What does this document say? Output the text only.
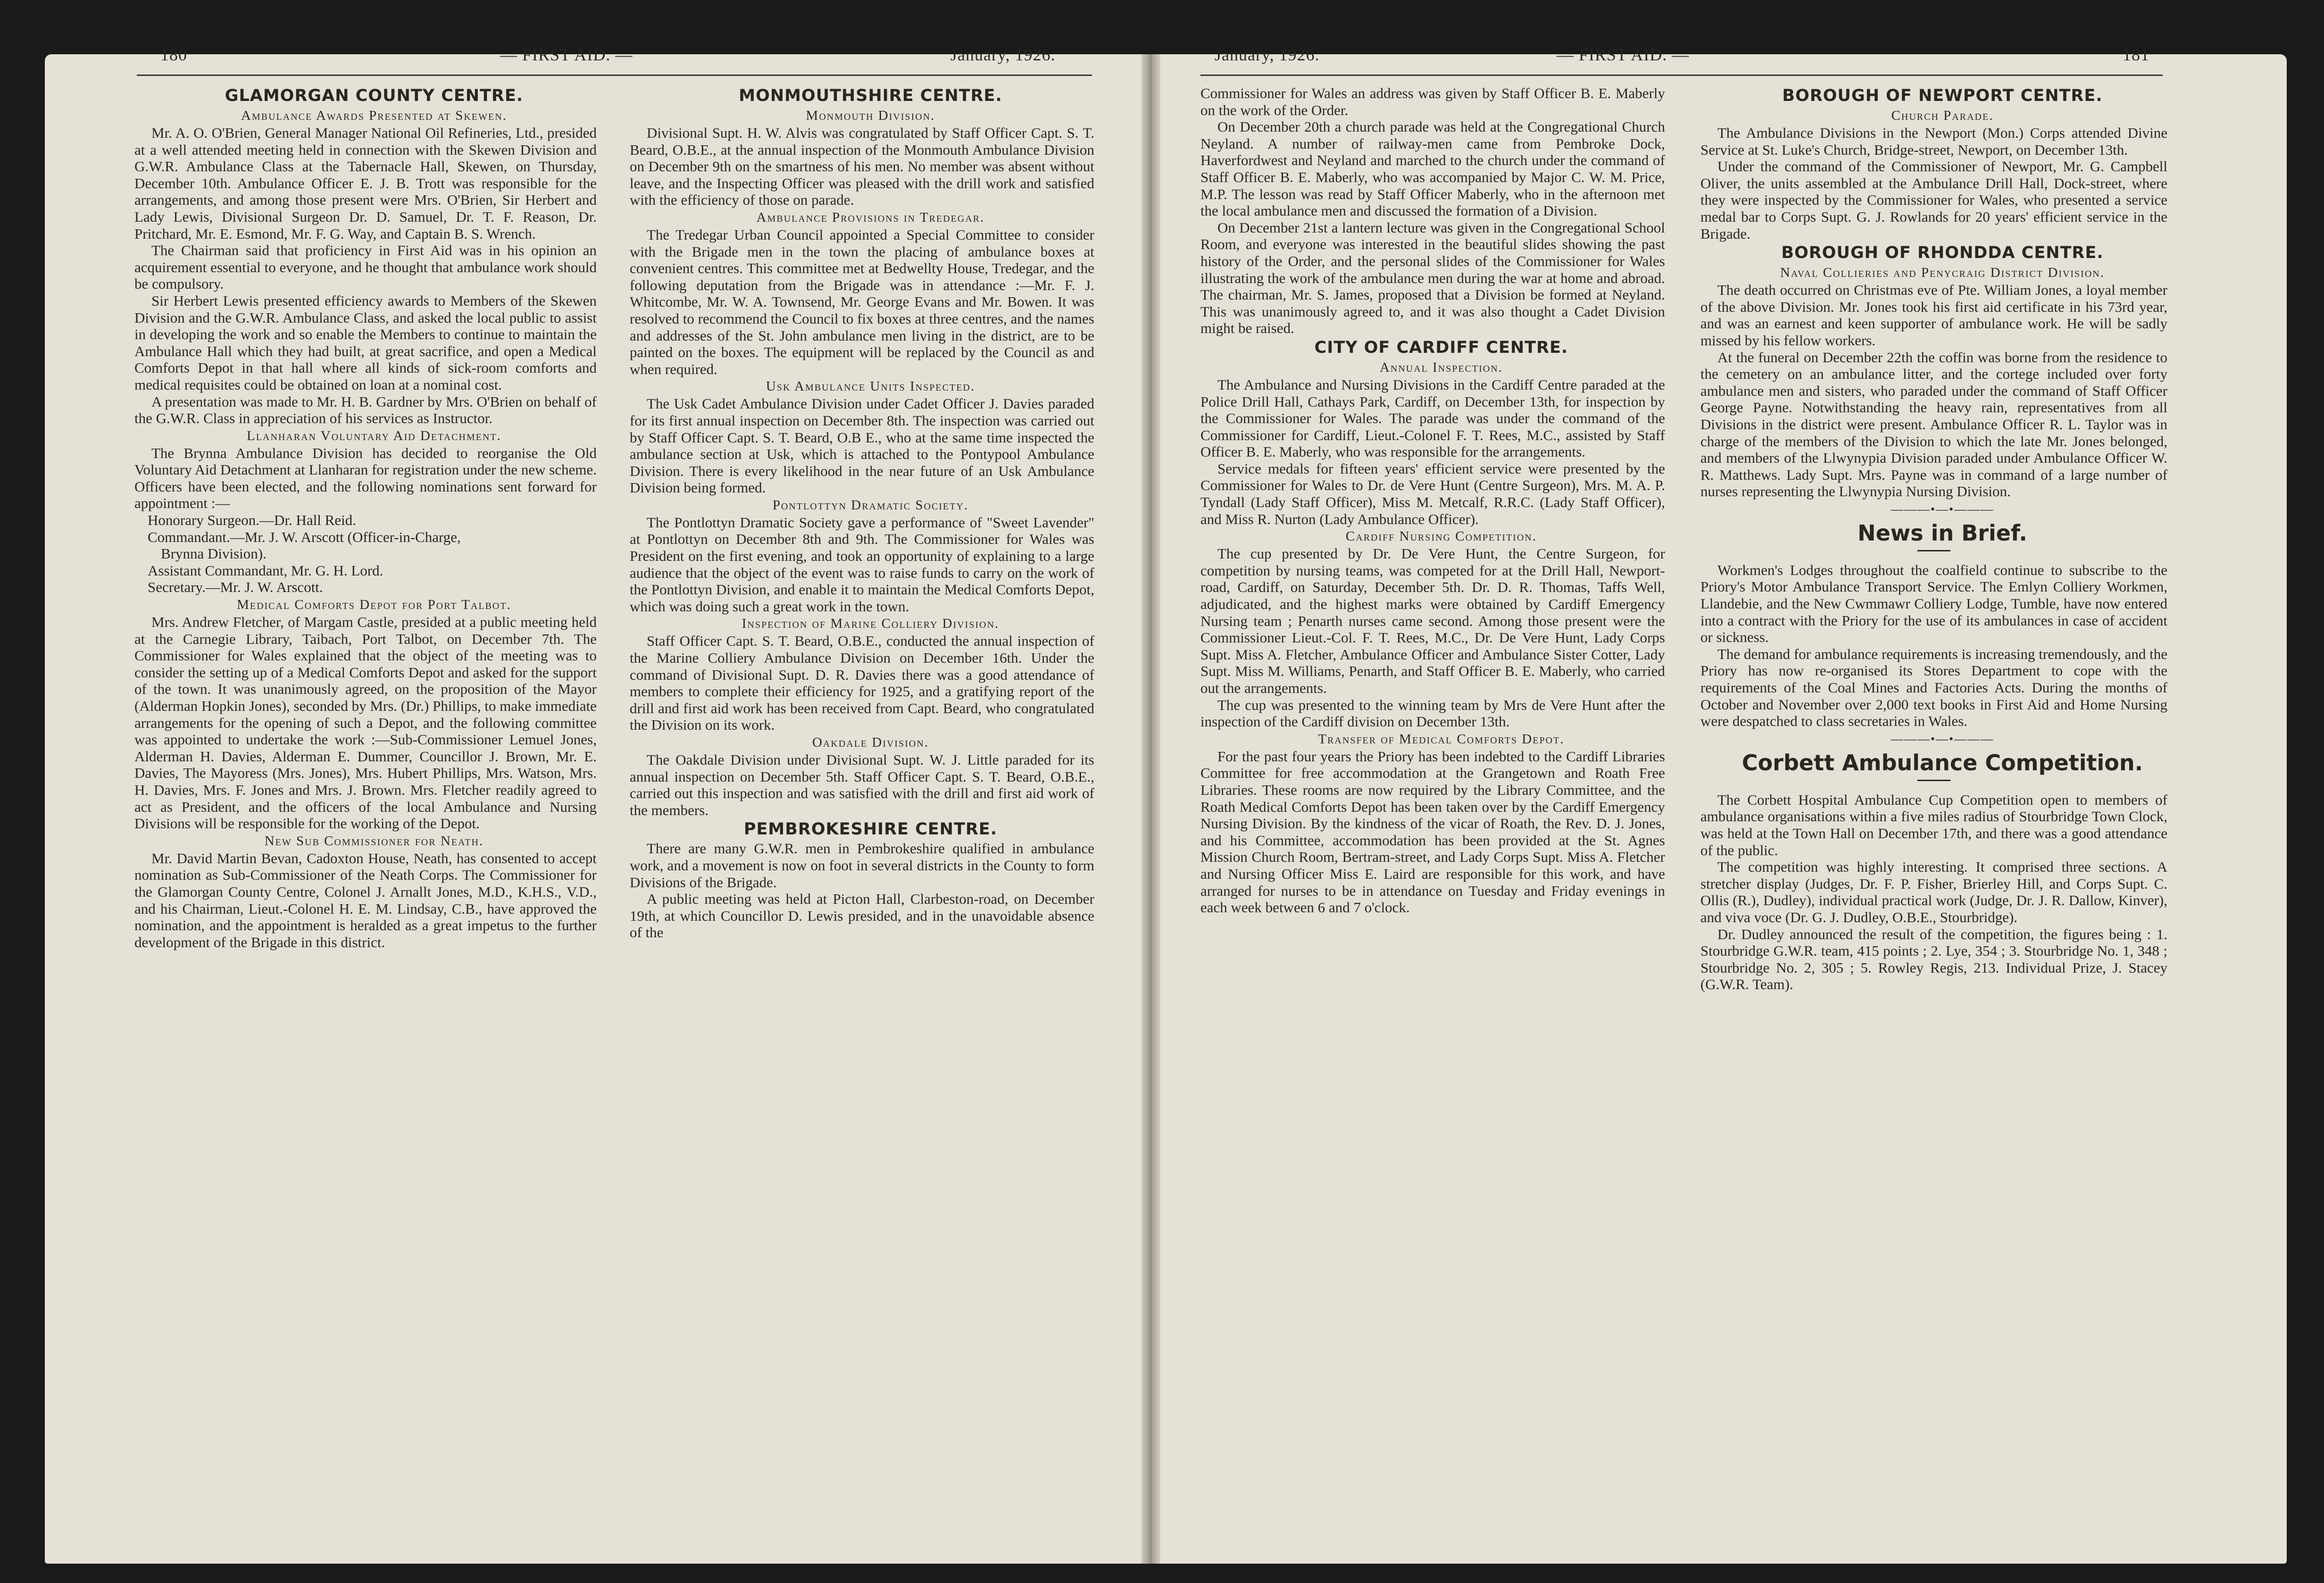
180	— FIRST AID. —	January, 1926.	January, 1926.	— FIRST AID. —	181

GLAMORGAN COUNTY CENTRE.

Ambulance Awards Presented at Skewen.

Mr. A. O. O'Brien, General Manager National Oil Refineries, Ltd., presided at a well attended meeting held in connection with the Skewen Division and G.W.R. Ambulance Class at the Tabernacle Hall, Skewen, on Thursday, December 10th. Ambulance Officer E. J. B. Trott was responsible for the arrangements, and among those present were Mrs. O'Brien, Sir Herbert and Lady Lewis, Divisional Surgeon Dr. D. Samuel, Dr. T. F. Reason, Dr. Pritchard, Mr. E. Esmond, Mr. F. G. Way, and Captain B. S. Wrench.

The Chairman said that proficiency in First Aid was in his opinion an acquirement essential to everyone, and he thought that ambulance work should be compulsory.

Sir Herbert Lewis presented efficiency awards to Members of the Skewen Division and the G.W.R. Ambulance Class, and asked the local public to assist in developing the work and so enable the Members to continue to maintain the Ambulance Hall which they had built, at great sacrifice, and open a Medical Comforts Depot in that hall where all kinds of sick-room comforts and medical requisites could be obtained on loan at a nominal cost.

A presentation was made to Mr. H. B. Gardner by Mrs. O'Brien on behalf of the G.W.R. Class in appreciation of his services as Instructor.

Llanharan Voluntary Aid Detachment.

The Brynna Ambulance Division has decided to reorganise the Old Voluntary Aid Detachment at Llanharan for registration under the new scheme. Officers have been elected, and the following nominations sent forward for appointment :—

Honorary Surgeon.—Dr. Hall Reid.

Commandant.—Mr. J. W. Arscott (Officer-in-Charge,

Brynna Division).

Assistant Commandant, Mr. G. H. Lord.

Secretary.—Mr. J. W. Arscott.

Medical Comforts Depot for Port Talbot.

Mrs. Andrew Fletcher, of Margam Castle, presided at a public meeting held at the Carnegie Library, Taibach, Port Talbot, on December 7th. The Commissioner for Wales explained that the object of the meeting was to consider the setting up of a Medical Comforts Depot and asked for the support of the town. It was unanimously agreed, on the proposition of the Mayor (Alderman Hopkin Jones), seconded by Mrs. (Dr.) Phillips, to make immediate arrangements for the opening of such a Depot, and the following committee was appointed to undertake the work :—Sub-Commissioner Lemuel Jones, Alderman H. Davies, Alderman E. Dummer, Councillor J. Brown, Mr. E. Davies, The Mayoress (Mrs. Jones), Mrs. Hubert Phillips, Mrs. Watson, Mrs. H. Davies, Mrs. F. Jones and Mrs. J. Brown. Mrs. Fletcher readily agreed to act as President, and the officers of the local Ambulance and Nursing Divisions will be responsible for the working of the Depot.

New Sub Commissioner for Neath.

Mr. David Martin Bevan, Cadoxton House, Neath, has consented to accept nomination as Sub-Commissioner of the Neath Corps. The Commissioner for the Glamorgan County Centre, Colonel J. Arnallt Jones, M.D., K.H.S., V.D., and his Chairman, Lieut.-Colonel H. E. M. Lindsay, C.B., have approved the nomination, and the appointment is heralded as a great impetus to the further development of the Brigade in this district.

MONMOUTHSHIRE CENTRE.

Monmouth Division.

Divisional Supt. H. W. Alvis was congratulated by Staff Officer Capt. S. T. Beard, O.B.E., at the annual inspection of the Monmouth Ambulance Division on December 9th on the smartness of his men. No member was absent without leave, and the Inspecting Officer was pleased with the drill work and satisfied with the efficiency of those on parade.

Ambulance Provisions in Tredegar.

The Tredegar Urban Council appointed a Special Committee to consider with the Brigade men in the town the placing of ambulance boxes at convenient centres. This committee met at Bedwellty House, Tredegar, and the following deputation from the Brigade was in attendance :—Mr. F. J. Whitcombe, Mr. W. A. Townsend, Mr. George Evans and Mr. Bowen. It was resolved to recommend the Council to fix boxes at three centres, and the names and addresses of the St. John ambulance men living in the district, are to be painted on the boxes. The equipment will be replaced by the Council as and when required.

Usk Ambulance Units Inspected.

The Usk Cadet Ambulance Division under Cadet Officer J. Davies paraded for its first annual inspection on December 8th. The inspection was carried out by Staff Officer Capt. S. T. Beard, O.B E., who at the same time inspected the ambulance section at Usk, which is attached to the Pontypool Ambulance Division. There is every likelihood in the near future of an Usk Ambulance Division being formed.

Pontlottyn Dramatic Society.

The Pontlottyn Dramatic Society gave a performance of "Sweet Lavender" at Pontlottyn on December 8th and 9th. The Commissioner for Wales was President on the first evening, and took an opportunity of explaining to a large audience that the object of the event was to raise funds to carry on the work of the Pontlottyn Division, and enable it to maintain the Medical Comforts Depot, which was doing such a great work in the town.

Inspection of Marine Colliery Division.

Staff Officer Capt. S. T. Beard, O.B.E., conducted the annual inspection of the Marine Colliery Ambulance Division on December 16th. Under the command of Divisional Supt. D. R. Davies there was a good attendance of members to complete their efficiency for 1925, and a gratifying report of the drill and first aid work has been received from Capt. Beard, who congratulated the Division on its work.

Oakdale Division.

The Oakdale Division under Divisional Supt. W. J. Little paraded for its annual inspection on December 5th. Staff Officer Capt. S. T. Beard, O.B.E., carried out this inspection and was satisfied with the drill and first aid work of the members.

PEMBROKESHIRE CENTRE.

There are many G.W.R. men in Pembrokeshire qualified in ambulance work, and a movement is now on foot in several districts in the County to form Divisions of the Brigade.

A public meeting was held at Picton Hall, Clarbeston-road, on December 19th, at which Councillor D. Lewis presided, and in the unavoidable absence of the

Commissioner for Wales an address was given by Staff Officer B. E. Maberly on the work of the Order.

On December 20th a church parade was held at the Congregational Church Neyland. A number of railway-men came from Pembroke Dock, Haverfordwest and Neyland and marched to the church under the command of Staff Officer B. E. Maberly, who was accompanied by Major C. W. M. Price, M.P. The lesson was read by Staff Officer Maberly, who in the afternoon met the local ambulance men and discussed the formation of a Division.

On December 21st a lantern lecture was given in the Congregational School Room, and everyone was interested in the beautiful slides showing the past history of the Order, and the personal slides of the Commissioner for Wales illustrating the work of the ambulance men during the war at home and abroad. The chairman, Mr. S. James, proposed that a Division be formed at Neyland. This was unanimously agreed to, and it was also thought a Cadet Division might be raised.

CITY OF CARDIFF CENTRE.

Annual Inspection.

The Ambulance and Nursing Divisions in the Cardiff Centre paraded at the Police Drill Hall, Cathays Park, Cardiff, on December 13th, for inspection by the Commissioner for Wales. The parade was under the command of the Commissioner for Cardiff, Lieut.-Colonel F. T. Rees, M.C., assisted by Staff Officer B. E. Maberly, who was responsible for the arrangements.

Service medals for fifteen years' efficient service were presented by the Commissioner for Wales to Dr. de Vere Hunt (Centre Surgeon), Mrs. M. A. P. Tyndall (Lady Staff Officer), Miss M. Metcalf, R.R.C. (Lady Staff Officer), and Miss R. Nurton (Lady Ambulance Officer).

Cardiff Nursing Competition.

The cup presented by Dr. De Vere Hunt, the Centre Surgeon, for competition by nursing teams, was competed for at the Drill Hall, Newport-road, Cardiff, on Saturday, December 5th. Dr. D. R. Thomas, Taffs Well, adjudicated, and the highest marks were obtained by Cardiff Emergency Nursing team ; Penarth nurses came second. Among those present were the Commissioner Lieut.-Col. F. T. Rees, M.C., Dr. De Vere Hunt, Lady Corps Supt. Miss A. Fletcher, Ambulance Officer and Ambulance Sister Cotter, Lady Supt. Miss M. Williams, Penarth, and Staff Officer B. E. Maberly, who carried out the arrangements.

The cup was presented to the winning team by Mrs de Vere Hunt after the inspection of the Cardiff division on December 13th.

Transfer of Medical Comforts Depot.

For the past four years the Priory has been indebted to the Cardiff Libraries Committee for free accommodation at the Grangetown and Roath Free Libraries. These rooms are now required by the Library Committee, and the Roath Medical Comforts Depot has been taken over by the Cardiff Emergency Nursing Division. By the kindness of the vicar of Roath, the Rev. D. J. Jones, and his Committee, accommodation has been provided at the St. Agnes Mission Church Room, Bertram-street, and Lady Corps Supt. Miss A. Fletcher and Nursing Officer Miss E. Laird are responsible for this work, and have arranged for nurses to be in attendance on Tuesday and Friday evenings in each week between 6 and 7 o'clock.

BOROUGH OF NEWPORT CENTRE.

Church Parade.

The Ambulance Divisions in the Newport (Mon.) Corps attended Divine Service at St. Luke's Church, Bridge-street, Newport, on December 13th.

Under the command of the Commissioner of Newport, Mr. G. Campbell Oliver, the units assembled at the Ambulance Drill Hall, Dock-street, where they were inspected by the Commissioner for Wales, who presented a service medal bar to Corps Supt. G. J. Rowlands for 20 years' efficient service in the Brigade.

BOROUGH OF RHONDDA CENTRE.

Naval Collieries and Penycraig District Division.

The death occurred on Christmas eve of Pte. William Jones, a loyal member of the above Division. Mr. Jones took his first aid certificate in his 73rd year, and was an earnest and keen supporter of ambulance work. He will be sadly missed by his fellow workers.

At the funeral on December 22th the coffin was borne from the residence to the cemetery on an ambulance litter, and the cortege included over forty ambulance men and sisters, who paraded under the command of Staff Officer George Payne. Notwithstanding the heavy rain, representatives from all Divisions in the district were present. Ambulance Officer R. L. Taylor was in charge of the members of the Division to which the late Mr. Jones belonged, and members of the Llwynypia Division paraded under Ambulance Officer W. R. Matthews. Lady Supt. Mrs. Payne was in command of a large number of nurses representing the Llwynypia Nursing Division.

———•—•———

News in Brief.

Workmen's Lodges throughout the coalfield continue to subscribe to the Priory's Motor Ambulance Transport Service. The Emlyn Colliery Workmen, Llandebie, and the New Cwmmawr Colliery Lodge, Tumble, have now entered into a contract with the Priory for the use of its ambulances in case of accident or sickness.

The demand for ambulance requirements is increasing tremendously, and the Priory has now re-organised its Stores Department to cope with the requirements of the Coal Mines and Factories Acts. During the months of October and November over 2,000 text books in First Aid and Home Nursing were despatched to class secretaries in Wales.

———•—•———

Corbett Ambulance Competition.

The Corbett Hospital Ambulance Cup Competition open to members of ambulance organisations within a five miles radius of Stourbridge Town Clock, was held at the Town Hall on December 17th, and there was a good attendance of the public.

The competition was highly interesting. It comprised three sections. A stretcher display (Judges, Dr. F. P. Fisher, Brierley Hill, and Corps Supt. C. Ollis (R.), Dudley), individual practical work (Judge, Dr. J. R. Dallow, Kinver), and viva voce (Dr. G. J. Dudley, O.B.E., Stourbridge).

Dr. Dudley announced the result of the competition, the figures being : 1. Stourbridge G.W.R. team, 415 points ; 2. Lye, 354 ; 3. Stourbridge No. 1, 348 ; Stourbridge No. 2, 305 ; 5. Rowley Regis, 213. Individual Prize, J. Stacey (G.W.R. Team).
